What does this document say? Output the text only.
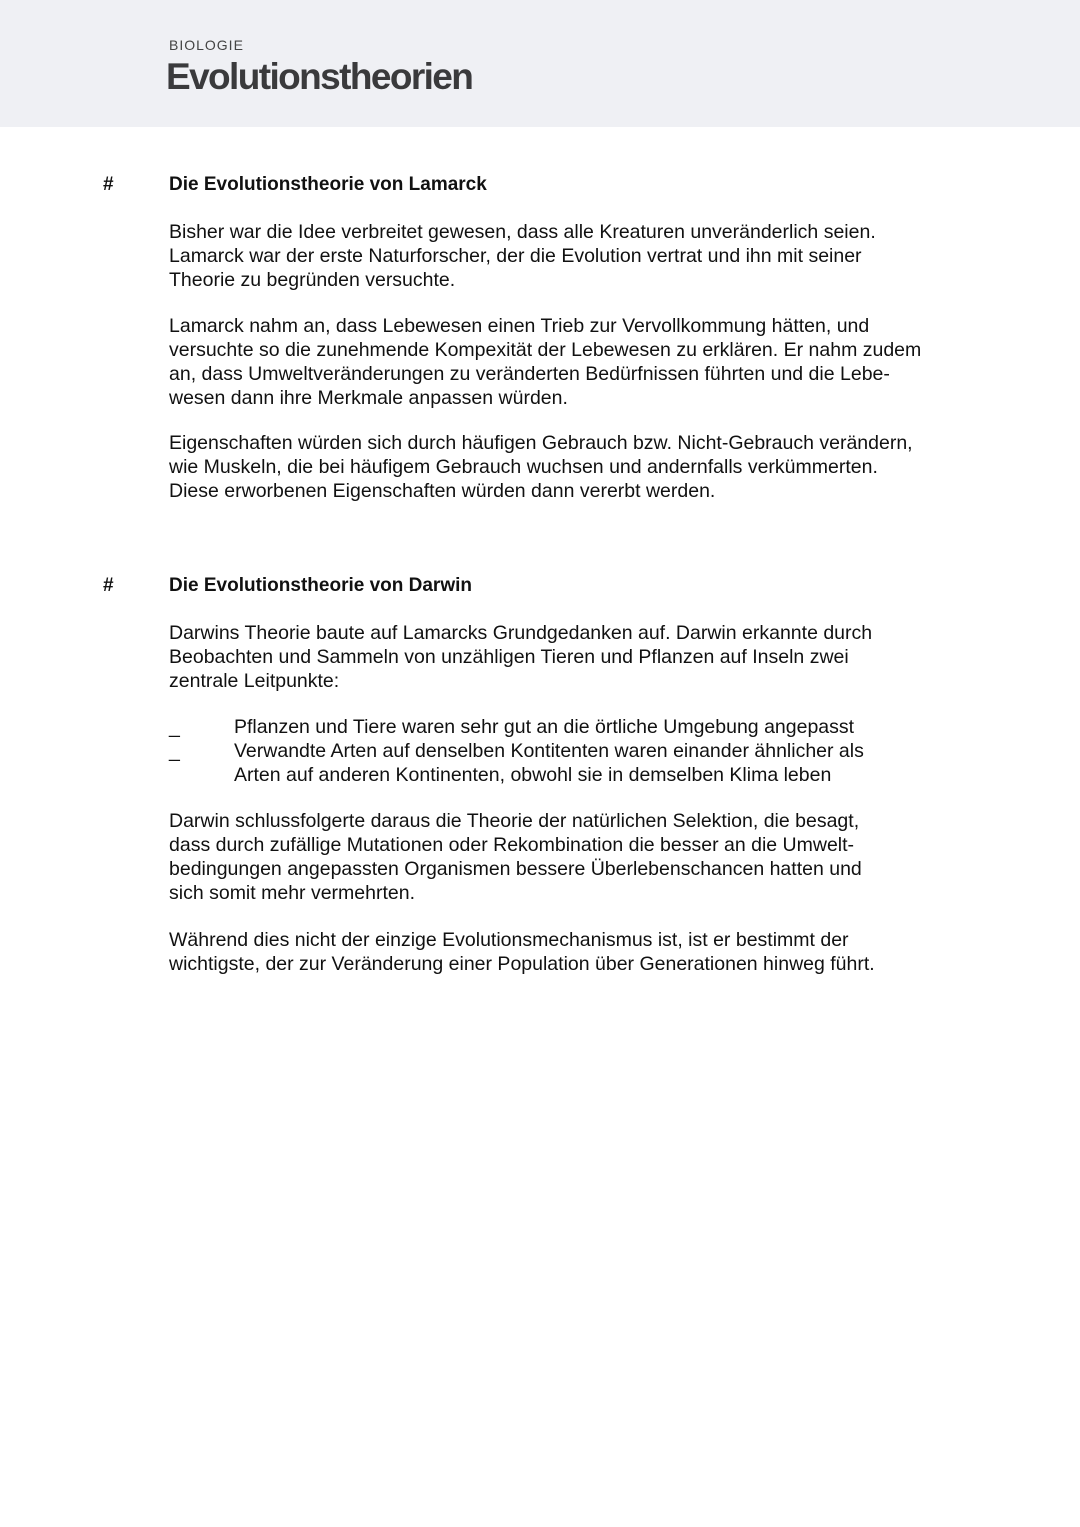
BIOLOGIE
Evolutionstheorien
#	Die Evolutionstheorie von Lamarck
Bisher war die Idee verbreitet gewesen, dass alle Kreaturen unveränderlich seien.
Lamarck war der erste Naturforscher, der die Evolution vertrat und ihn mit seiner
Theorie zu begründen versuchte.
Lamarck nahm an, dass Lebewesen einen Trieb zur Vervollkommung hätten, und
versuchte so die zunehmende Kompexität der Lebewesen zu erklären. Er nahm zudem
an, dass Umweltveränderungen zu veränderten Bedürfnissen führten und die Lebe-
wesen dann ihre Merkmale anpassen würden.
Eigenschaften würden sich durch häufigen Gebrauch bzw. Nicht-Gebrauch verändern,
wie Muskeln, die bei häufigem Gebrauch wuchsen und andernfalls verkümmerten.
Diese erworbenen Eigenschaften würden dann vererbt werden.
#	Die Evolutionstheorie von Darwin
Darwins Theorie baute auf Lamarcks Grundgedanken auf. Darwin erkannte durch
Beobachten und Sammeln von unzähligen Tieren und Pflanzen auf Inseln zwei
zentrale Leitpunkte:
_	Pflanzen und Tiere waren sehr gut an die örtliche Umgebung angepasst
_	Verwandte Arten auf denselben Kontitenten waren einander ähnlicher als
Arten auf anderen Kontinenten, obwohl sie in demselben Klima leben
Darwin schlussfolgerte daraus die Theorie der natürlichen Selektion, die besagt,
dass durch zufällige Mutationen oder Rekombination die besser an die Umwelt-
bedingungen angepassten Organismen bessere Überlebenschancen hatten und
sich somit mehr vermehrten.
Während dies nicht der einzige Evolutionsmechanismus ist, ist er bestimmt der
wichtigste, der zur Veränderung einer Population über Generationen hinweg führt.
